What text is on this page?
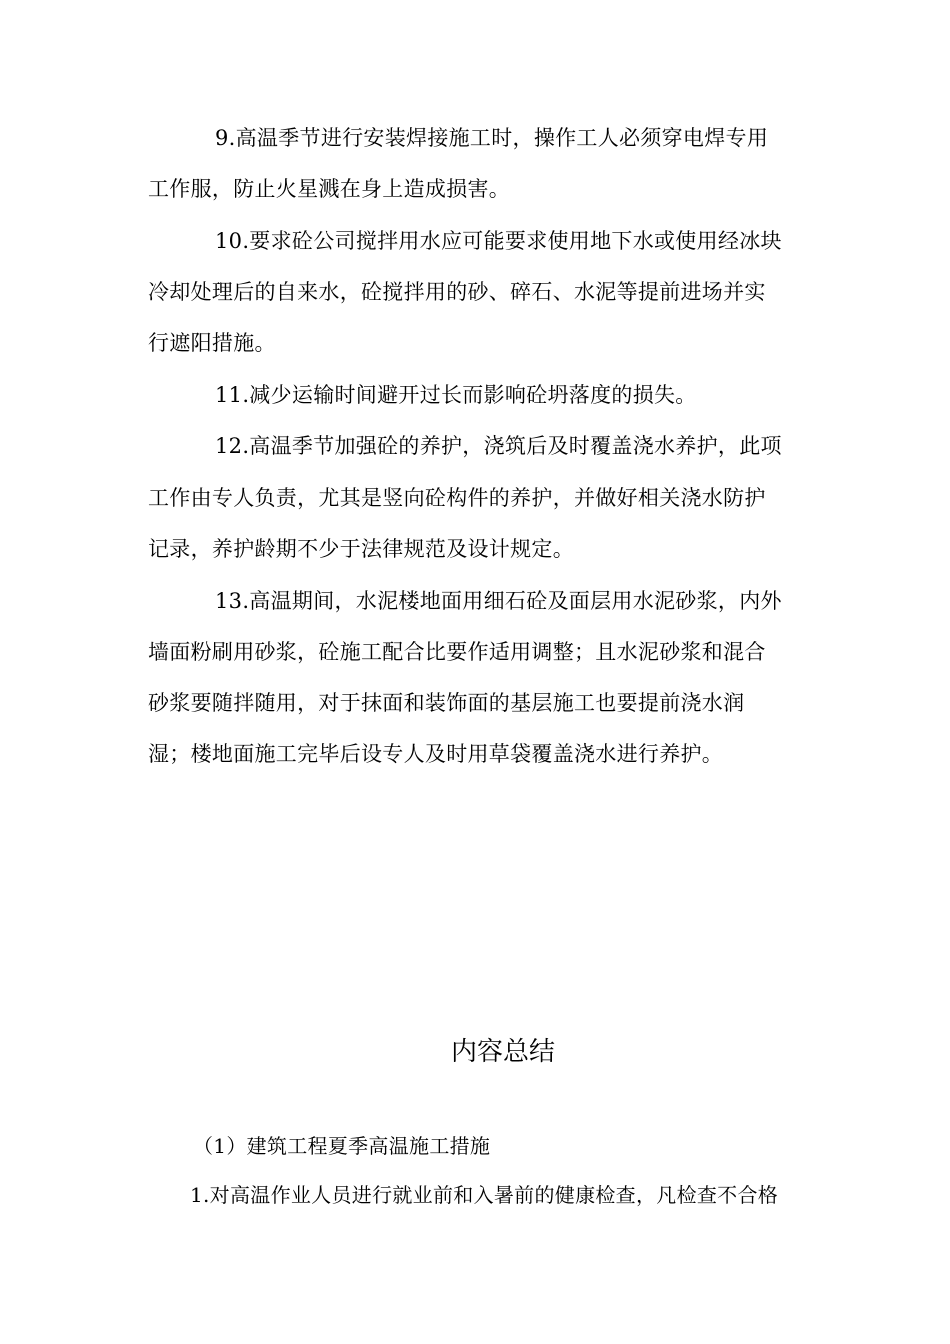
9.高温季节进行安装焊接施工时，操作工人必须穿电焊专用
工作服，防止火星溅在身上造成损害。
10.要求砼公司搅拌用水应可能要求使用地下水或使用经冰块
冷却处理后的自来水，砼搅拌用的砂、碎石、水泥等提前进场并实
行遮阳措施。
11.减少运输时间避开过长而影响砼坍落度的损失。
12.高温季节加强砼的养护，浇筑后及时覆盖浇水养护，此项
工作由专人负责，尤其是竖向砼构件的养护，并做好相关浇水防护
记录，养护龄期不少于法律规范及设计规定。
13.高温期间，水泥楼地面用细石砼及面层用水泥砂浆，内外
墙面粉刷用砂浆，砼施工配合比要作适用调整；且水泥砂浆和混合
砂浆要随拌随用，对于抹面和装饰面的基层施工也要提前浇水润
湿；楼地面施工完毕后设专人及时用草袋覆盖浇水进行养护。
内容总结
（1）建筑工程夏季高温施工措施
1.对高温作业人员进行就业前和入暑前的健康检查，凡检查不合格
